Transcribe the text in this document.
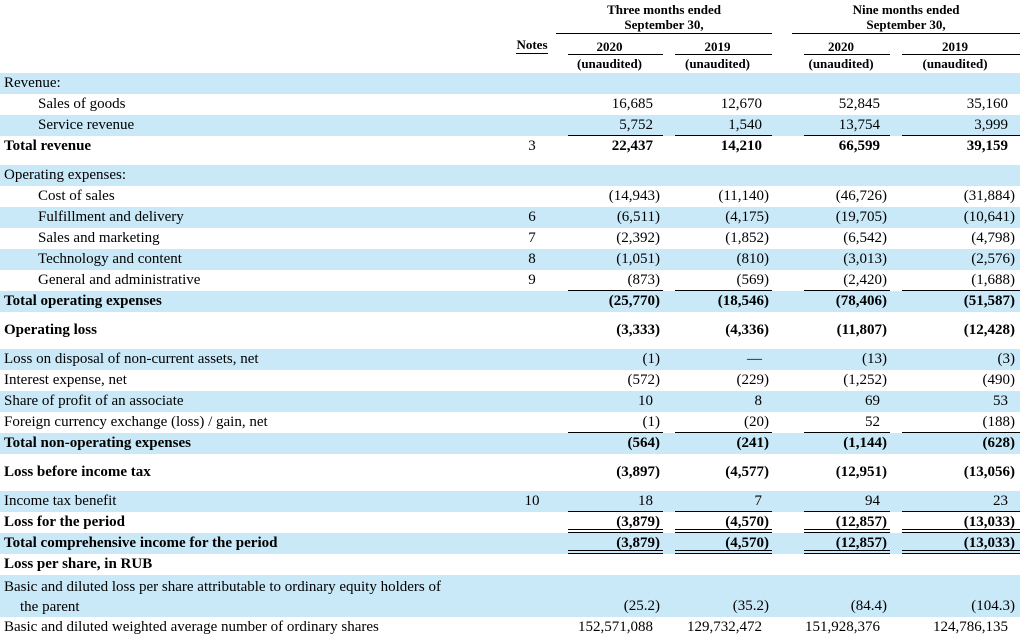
Three months ended
September 30,

Nine months ended
September 30,

	Notes	2020	2019		2020	2019
		(unaudited)	(unaudited)		(unaudited)	(unaudited)
Revenue:						
Sales of goods		16,685	12,670		52,845	35,160
Service revenue		5,752	1,540		13,754	3,999
Total revenue	3	22,437	14,210		66,599	39,159

Operating expenses:						
Cost of sales		(14,943)	(11,140)		(46,726)	(31,884)
Fulfillment and delivery	6	(6,511)	(4,175)		(19,705)	(10,641)
Sales and marketing	7	(2,392)	(1,852)		(6,542)	(4,798)
Technology and content	8	(1,051)	(810)		(3,013)	(2,576)
General and administrative	9	(873)	(569)		(2,420)	(1,688)
Total operating expenses		(25,770)	(18,546)		(78,406)	(51,587)

Operating loss		(3,333)	(4,336)		(11,807)	(12,428)

Loss on disposal of non-current assets, net		(1)	—		(13)	(3)
Interest expense, net		(572)	(229)		(1,252)	(490)
Share of profit of an associate		10	8		69	53
Foreign currency exchange (loss) / gain, net		(1)	(20)		52	(188)
Total non-operating expenses		(564)	(241)		(1,144)	(628)

Loss before income tax		(3,897)	(4,577)		(12,951)	(13,056)

Income tax benefit	10	18	7		94	23
Loss for the period		(3,879)	(4,570)		(12,857)	(13,033)
Total comprehensive income for the period		(3,879)	(4,570)		(12,857)	(13,033)
Loss per share, in RUB						

Basic and diluted loss per share attributable to ordinary equity holders of
the parent		(25.2)	(35.2)		(84.4)	(104.3)
Basic and diluted weighted average number of ordinary shares		152,571,088	129,732,472		151,928,376	124,786,135
